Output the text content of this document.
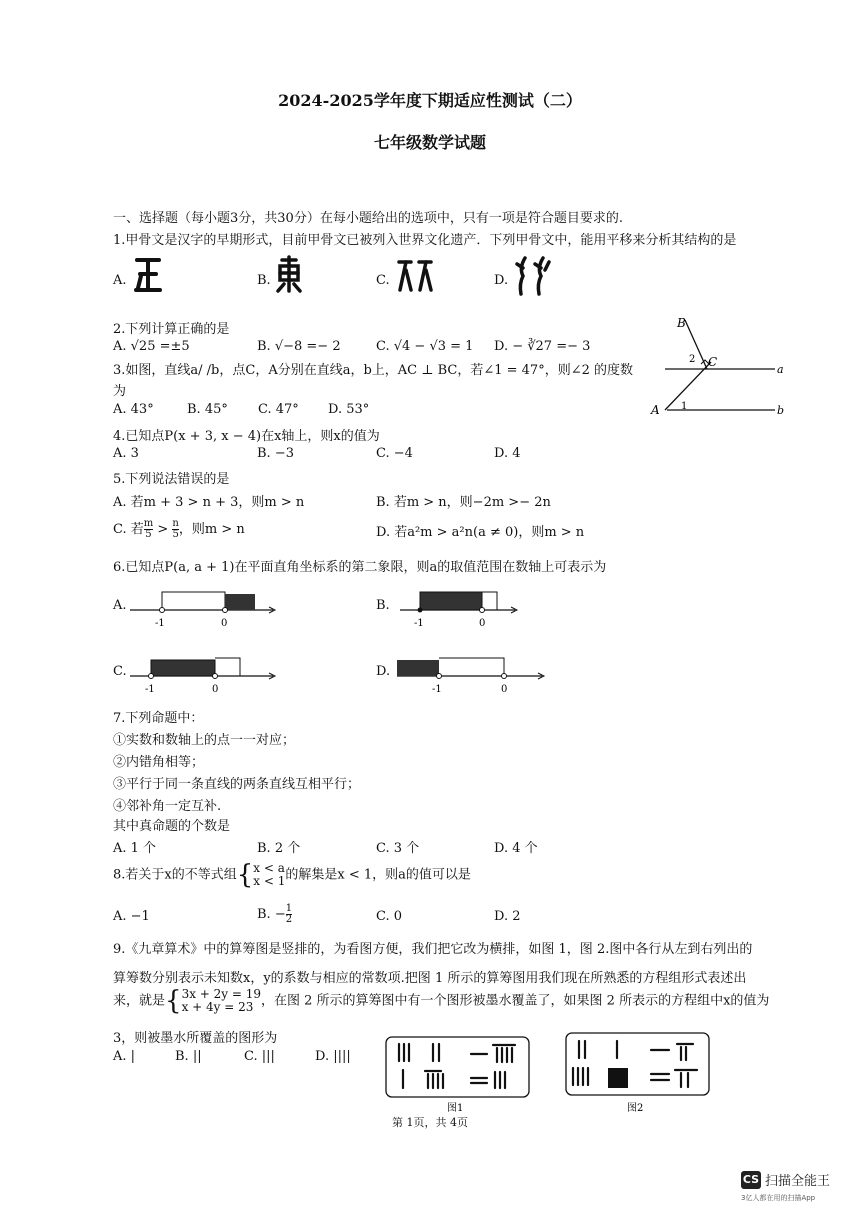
2024-2025学年度下期适应性测试（二）
七年级数学试题
一、选择题（每小题3分，共30分）在每小题给出的选项中，只有一项是符合题目要求的.
1.甲骨文是汉字的早期形式，目前甲骨文已被列入世界文化遗产．下列甲骨文中，能用平移来分析其结构的是
A.	B.	C.	D.
2.下列计算正确的是
A. √25 =±5	B. √−8 =− 2	C. √4 − √3 = 1 D. − ∛27 =− 3
3.如图，直线a/ /b，点C，A分别在直线a，b上，AC ⊥ BC，若∠1 = 47°，则∠2 的度数
为
A. 43°	B. 45° C. 47° D. 53°
B
C
A
a
b
1
2
4.已知点P(x + 3, x − 4)在x轴上，则x的值为
A. 3	B. −3	C. −4	D. 4
5.下列说法错误的是
A. 若m + 3 > n + 3，则m > n	B. 若m > n，则−2m >− 2n
C. 若 $\frac{m}{5} > \frac{n}{5}$ ，则m > n	D. 若a²m > a²n(a ≠ 0)，则m > n
6.已知点P(a, a + 1)在平面直角坐标系的第二象限，则a的取值范围在数轴上可表示为
A.
-1	0
B.
-1	0
C.
-1	0
D.
-1	0
7.下列命题中：
①实数和数轴上的点一一对应；
②内错角相等；
③平行于同一条直线的两条直线互相平行；
④邻补角一定互补.
其中真命题的个数是
A. 1 个	B. 2 个	C. 3 个	D. 4 个
8.若关于x的不等式组{ x < a
x < 1 的解集是x < 1，则a的值可以是
A. −1	B. − $\frac{1}{2}$	C. 0	D. 2
9.《九章算术》中的算筹图是竖排的，为看图方便，我们把它改为横排，如图 1，图 2.图中各行从左到右列出的
算筹数分别表示未知数x，y的系数与相应的常数项.把图 1 所示的算筹图用我们现在所熟悉的方程组形式表述出
来，就是{ 3x + 2y = 19
x + 4y = 23 ，在图 2 所示的算筹图中有一个图形被墨水覆盖了，如果图 2 所表示的方程组中x的值为
3，则被墨水所覆盖的图形为
A. |	B. ||	C. |||	D. ||||
图1	图2
第 1页，共 4页
CS 扫描全能王
3亿人都在用的扫描App
